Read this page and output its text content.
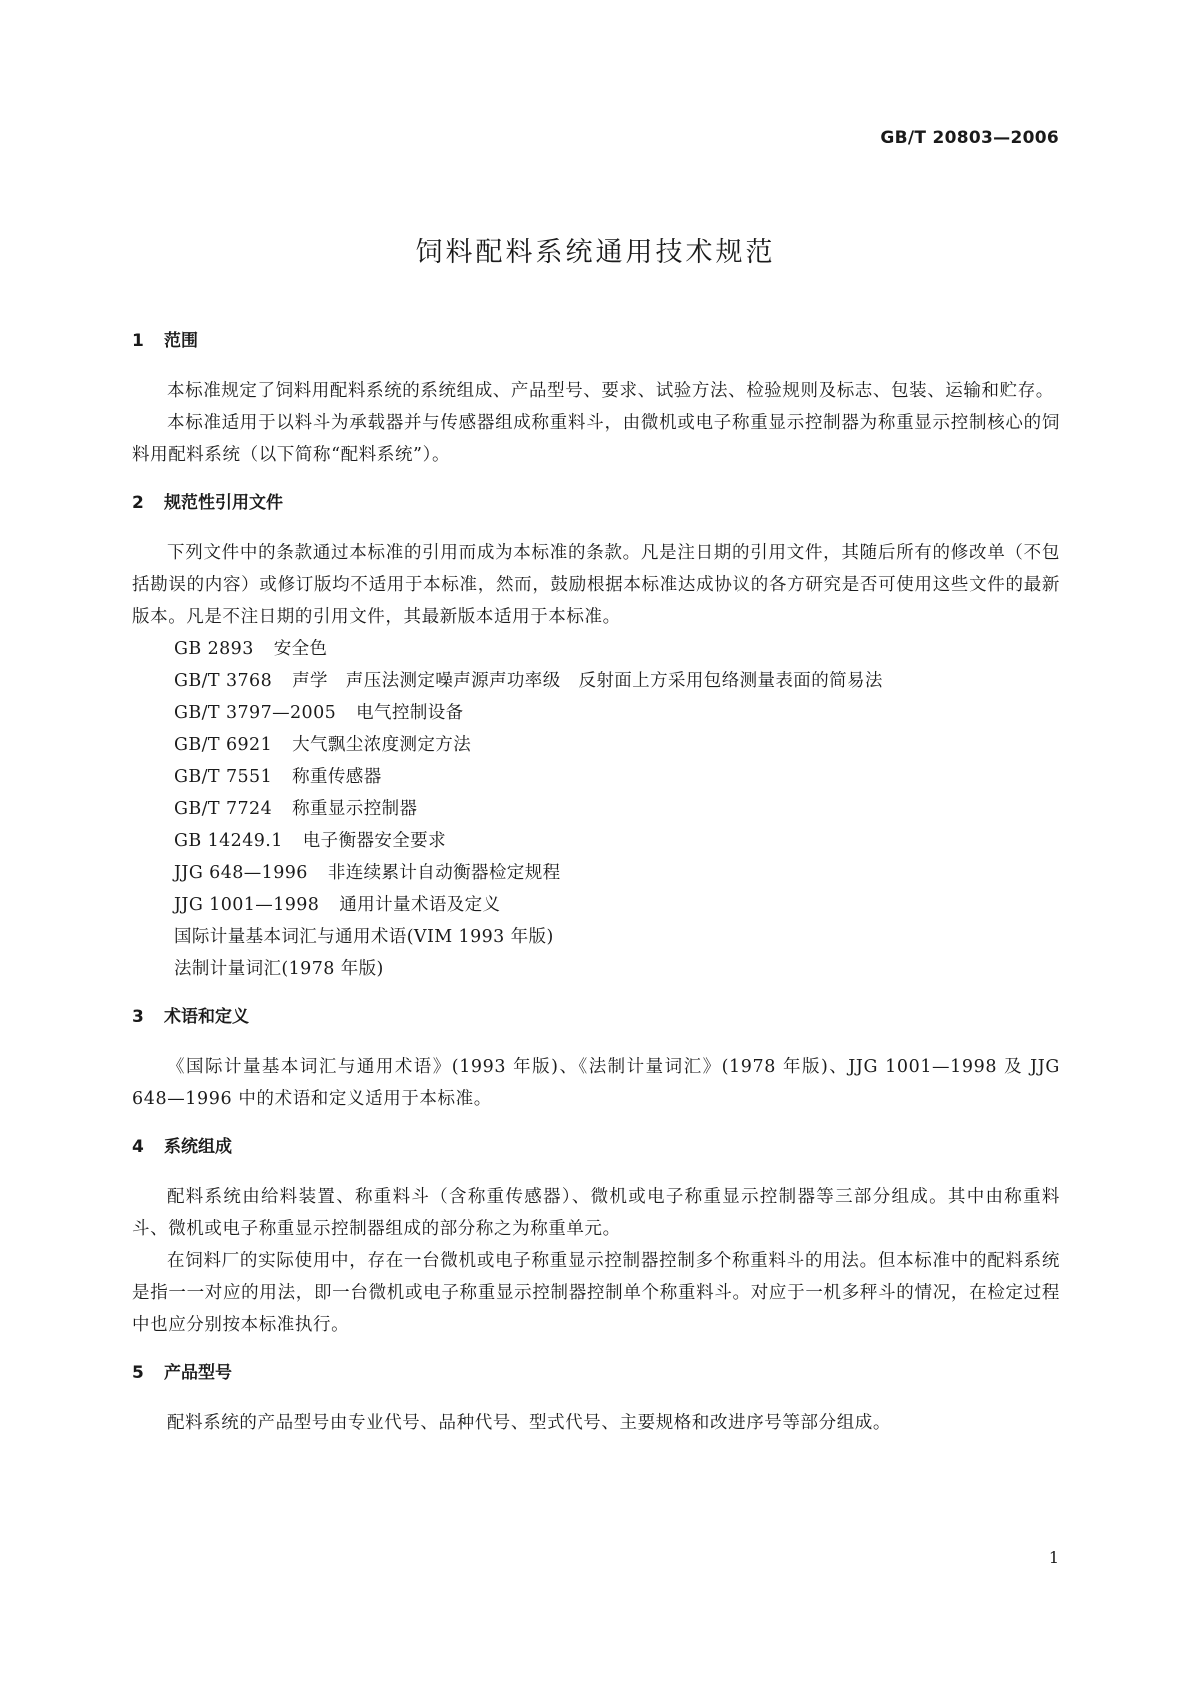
GB/T 20803—2006
饲料配料系统通用技术规范
1	范围

本标准规定了饲料用配料系统的系统组成、产品型号、要求、试验方法、检验规则及标志、包装、运输和贮存。

本标准适用于以料斗为承载器并与传感器组成称重料斗，由微机或电子称重显示控制器为称重显示控制核心的饲料用配料系统（以下简称“配料系统”）。

2	规范性引用文件

下列文件中的条款通过本标准的引用而成为本标准的条款。凡是注日期的引用文件，其随后所有的修改单（不包括勘误的内容）或修订版均不适用于本标准，然而，鼓励根据本标准达成协议的各方研究是否可使用这些文件的最新版本。凡是不注日期的引用文件，其最新版本适用于本标准。

GB 2893 安全色
GB/T 3768 声学　声压法测定噪声源声功率级　反射面上方采用包络测量表面的简易法
GB/T 3797—2005 电气控制设备
GB/T 6921 大气飘尘浓度测定方法
GB/T 7551 称重传感器
GB/T 7724 称重显示控制器
GB 14249.1 电子衡器安全要求
JJG 648—1996 非连续累计自动衡器检定规程
JJG 1001—1998 通用计量术语及定义
国际计量基本词汇与通用术语(VIM 1993 年版)
法制计量词汇(1978 年版)
3	术语和定义

《国际计量基本词汇与通用术语》(1993 年版)、《法制计量词汇》(1978 年版)、JJG 1001—1998 及 JJG 648—1996 中的术语和定义适用于本标准。

4	系统组成

配料系统由给料装置、称重料斗（含称重传感器）、微机或电子称重显示控制器等三部分组成。其中由称重料斗、微机或电子称重显示控制器组成的部分称之为称重单元。

在饲料厂的实际使用中，存在一台微机或电子称重显示控制器控制多个称重料斗的用法。但本标准中的配料系统是指一一对应的用法，即一台微机或电子称重显示控制器控制单个称重料斗。对应于一机多秤斗的情况，在检定过程中也应分别按本标准执行。

5	产品型号

配料系统的产品型号由专业代号、品种代号、型式代号、主要规格和改进序号等部分组成。

1
